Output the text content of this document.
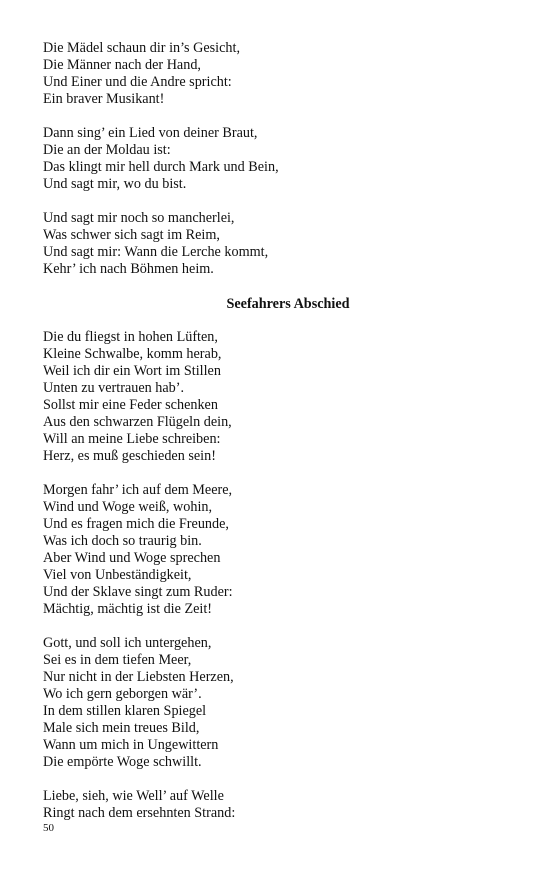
Die Mädel schaun dir in’s Gesicht,
Die Männer nach der Hand,
Und Einer und die Andre spricht:
Ein braver Musikant!
Dann sing’ ein Lied von deiner Braut,
Die an der Moldau ist:
Das klingt mir hell durch Mark und Bein,
Und sagt mir, wo du bist.
Und sagt mir noch so mancherlei,
Was schwer sich sagt im Reim,
Und sagt mir: Wann die Lerche kommt,
Kehr’ ich nach Böhmen heim.
Seefahrers Abschied
Die du fliegst in hohen Lüften,
Kleine Schwalbe, komm herab,
Weil ich dir ein Wort im Stillen
Unten zu vertrauen hab’.
Sollst mir eine Feder schenken
Aus den schwarzen Flügeln dein,
Will an meine Liebe schreiben:
Herz, es muß geschieden sein!
Morgen fahr’ ich auf dem Meere,
Wind und Woge weiß, wohin,
Und es fragen mich die Freunde,
Was ich doch so traurig bin.
Aber Wind und Woge sprechen
Viel von Unbeständigkeit,
Und der Sklave singt zum Ruder:
Mächtig, mächtig ist die Zeit!
Gott, und soll ich untergehen,
Sei es in dem tiefen Meer,
Nur nicht in der Liebsten Herzen,
Wo ich gern geborgen wär’.
In dem stillen klaren Spiegel
Male sich mein treues Bild,
Wann um mich in Ungewittern
Die empörte Woge schwillt.
Liebe, sieh, wie Well’ auf Welle
Ringt nach dem ersehnten Strand:
50
